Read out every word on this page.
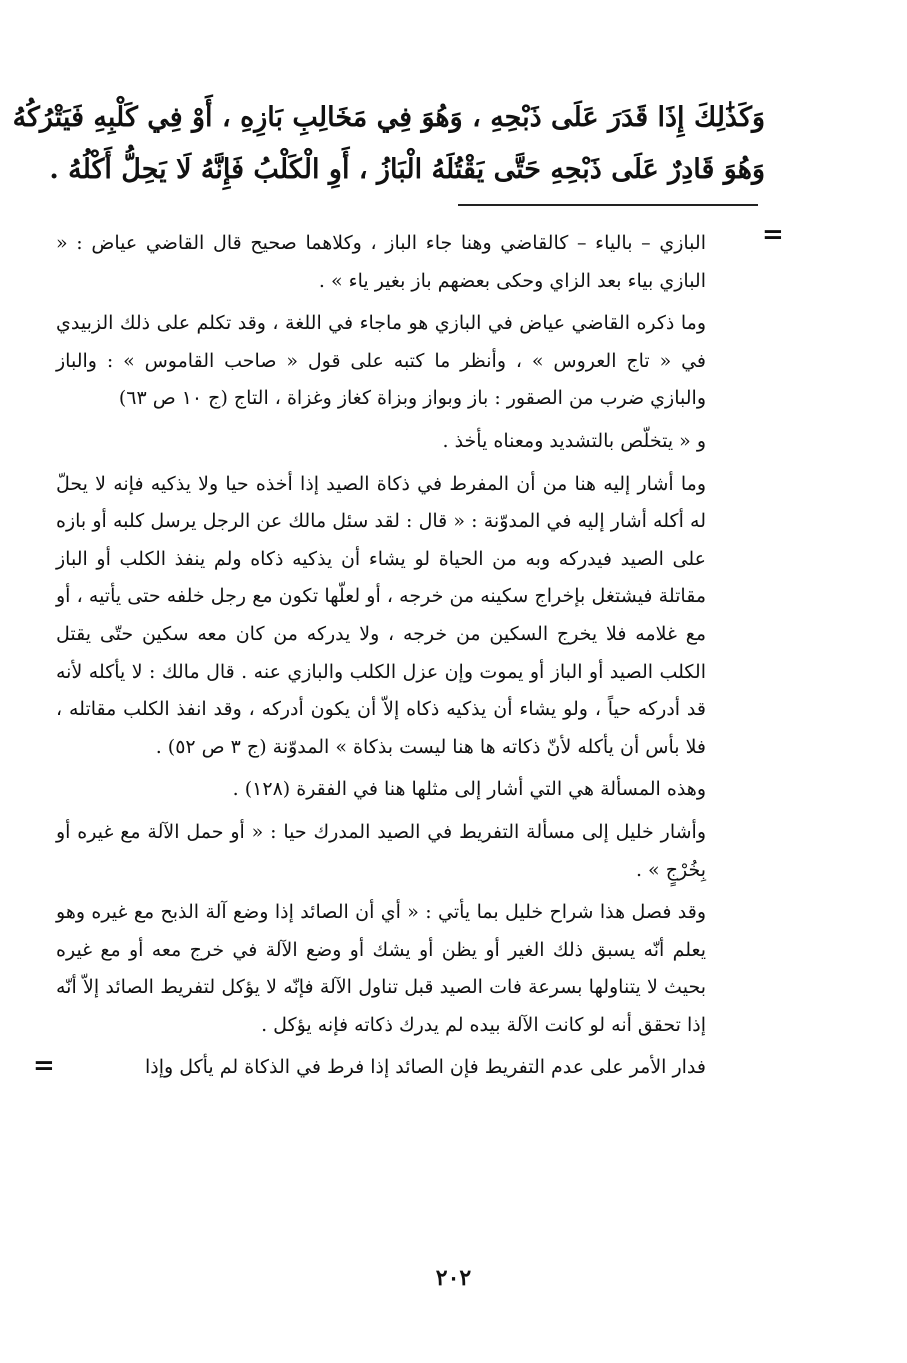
وَكَذَٰلِكَ إِذَا قَدَرَ عَلَى ذَبْحِهِ ، وَهُوَ فِي مَخَالِبِ بَازِهِ ، أَوْ فِي كَلْبِهِ فَيَتْرُكُهُ
وَهُوَ قَادِرٌ عَلَى ذَبْحِهِ حَتَّى يَقْتُلَهُ الْبَازُ ، أَوِ الْكَلْبُ فَإِنَّهُ لَا يَحِلُّ أَكْلُهُ .
=

البازي – بالياء – كالقاضي وهنا جاء الباز ، وكلاهما صحيح قال القاضي عياض : « البازي بياء بعد الزاي وحكى بعضهم باز بغير ياء » .

وما ذكره القاضي عياض في البازي هو ماجاء في اللغة ، وقد تكلم على ذلك الزبيدي في « تاج العروس » ، وأنظر ما كتبه على قول « صاحب القاموس » : والباز والبازي ضرب من الصقور : باز وبواز وبزاة كغاز وغزاة ، التاج (ج ١٠ ص ٦٣)

و « يتخلّص بالتشديد ومعناه يأخذ .

وما أشار إليه هنا من أن المفرط في ذكاة الصيد إذا أخذه حيا ولا يذكيه فإنه لا يحلّ له أكله أشار إليه في المدوّنة : « قال : لقد سئل مالك عن الرجل يرسل كلبه أو بازه على الصيد فيدركه وبه من الحياة لو يشاء أن يذكيه ذكاه ولم ينفذ الكلب أو الباز مقاتلة فيشتغل بإخراج سكينه من خرجه ، أو لعلّها تكون مع رجل خلفه حتى يأتيه ، أو مع غلامه فلا يخرج السكين من خرجه ، ولا يدركه من كان معه سكين حتّى يقتل الكلب الصيد أو الباز أو يموت وإن عزل الكلب والبازي عنه . قال مالك : لا يأكله لأنه قد أدركه حياً ، ولو يشاء أن يذكيه ذكاه إلاّ أن يكون أدركه ، وقد انفذ الكلب مقاتله ، فلا بأس أن يأكله لأنّ ذكاته ها هنا ليست بذكاة » المدوّنة (ج ٣ ص ٥٢) .

وهذه المسألة هي التي أشار إلى مثلها هنا في الفقرة (١٢٨) .

وأشار خليل إلى مسألة التفريط في الصيد المدرك حيا : « أو حمل الآلة مع غيره أو بِخُرْجٍ » .

وقد فصل هذا شراح خليل بما يأتي : « أي أن الصائد إذا وضع آلة الذبح مع غيره وهو يعلم أنّه يسبق ذلك الغير أو يظن أو يشك أو وضع الآلة في خرج معه أو مع غيره بحيث لا يتناولها بسرعة فات الصيد قبل تناول الآلة فإنّه لا يؤكل لتفريط الصائد إلاّ أنّه إذا تحقق أنه لو كانت الآلة بيده لم يدرك ذكاته فإنه يؤكل .

فدار الأمر على عدم التفريط فإن الصائد إذا فرط في الذكاة لم يأكل وإذا

=
٢٠٢
